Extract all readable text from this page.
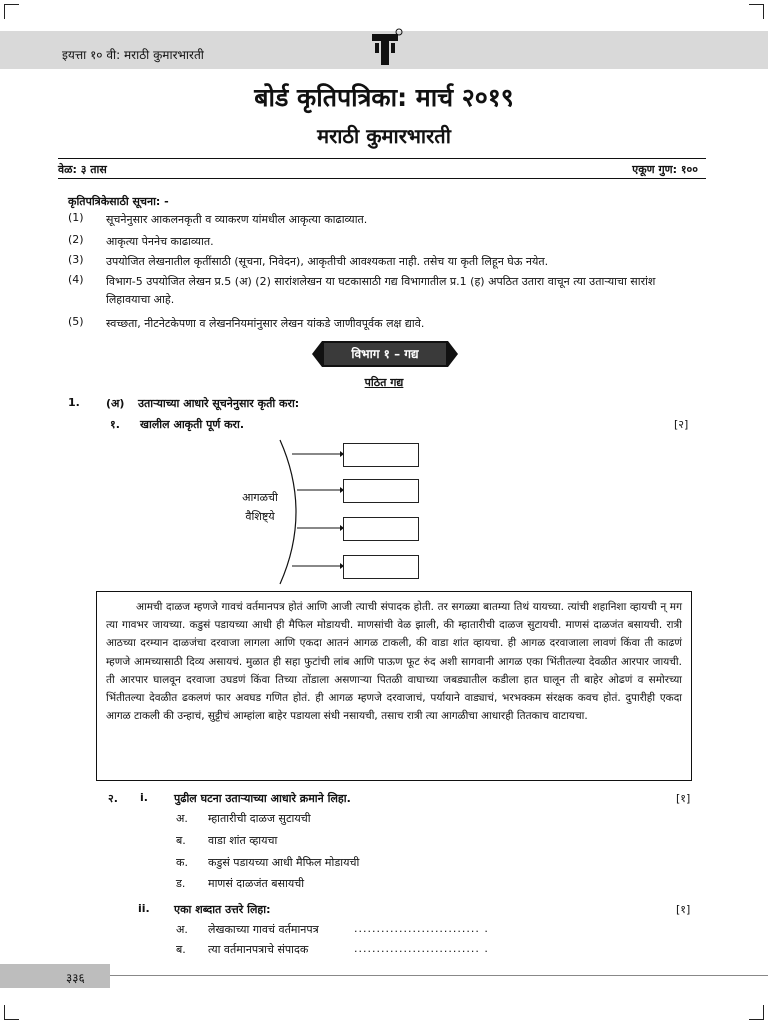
इयत्ता १० वी: मराठी कुमारभारती
बोर्ड कृतिपत्रिका: मार्च २०१९
मराठी कुमारभारती
वेळ: ३ तास	एकूण गुण: १००
कृतिपत्रिकेसाठी सूचना: -
(1) सूचनेनुसार आकलनकृती व व्याकरण यांमधील आकृत्या काढाव्यात.
(2) आकृत्या पेननेच काढाव्यात.
(3) उपयोजित लेखनातील कृतींसाठी (सूचना, निवेदन), आकृतीची आवश्यकता नाही. तसेच या कृती लिहून घेऊ नयेत.
(4) विभाग-5 उपयोजित लेखन प्र.5 (अ) (2) सारांशलेखन या घटकासाठी गद्य विभागातील प्र.1 (ह) अपठित उतारा वाचून त्या उताऱ्याचा सारांश लिहावयाचा आहे.
(5) स्वच्छता, नीटनेटकेपणा व लेखननियमांनुसार लेखन यांकडे जाणीवपूर्वक लक्ष द्यावे.
विभाग १ – गद्य
पठित गद्य
1. (अ) उताऱ्याच्या आधारे सूचनेनुसार कृती करा:
१. खालील आकृती पूर्ण करा.	[२]
आगळची
वैशिष्ट्ये

आमची दाळज म्हणजे गावचं वर्तमानपत्र होतं आणि आजी त्याची संपादक होती. तर सगळ्या बातम्या तिथं यायच्या. त्यांची शहानिशा व्हायची न् मग त्या गावभर जायच्या. कडुसं पडायच्या आधी ही मैफिल मोडायची. माणसांची वेळ झाली, की म्हातारीची दाळज सुटायची. माणसं दाळजंत बसायची. रात्री आठच्या दरम्यान दाळजंचा दरवाजा लागला आणि एकदा आतनं आगळ टाकली, की वाडा शांत व्हायचा. ही आगळ दरवाजाला लावणं किंवा ती काढणं म्हणजे आमच्यासाठी दिव्य असायचं. मुळात ही सहा फुटांची लांब आणि पाऊण फूट रुंद अशी सागवानी आगळ एका भिंतीतल्या देवळीत आरपार जायची. ती आरपार घालवून दरवाजा उघडणं किंवा तिच्या तोंडाला असणाऱ्या पितळी वाघाच्या जबड्यातील कडीला हात घालून ती बाहेर ओढणं व समोरच्या भिंतीतल्या देवळीत ढकलणं फार अवघड गणित होतं. ही आगळ म्हणजे दरवाजाचं, पर्यायाने वाड्याचं, भरभक्कम संरक्षक कवच होतं. दुपारीही एकदा आगळ टाकली की उन्हाचं, सुट्टीचं आम्हांला बाहेर पडायला संधी नसायची, तसाच रात्री त्या आगळीचा आधारही तितकाच वाटायचा.

२. i. पुढील घटना उताऱ्याच्या आधारे क्रमाने लिहा.	[१]
अ. म्हातारीची दाळज सुटायची
ब. वाडा शांत व्हायचा
क. कडुसं पडायच्या आधी मैफिल मोडायची
ड. माणसं दाळजंत बसायची
ii. एका शब्दात उत्तरे लिहा:	[१]
अ. लेखकाच्या गावचं वर्तमानपत्र	............................ .
ब. त्या वर्तमानपत्राचे संपादक	............................ .
३३६
